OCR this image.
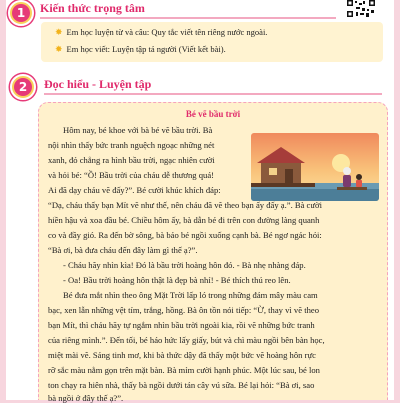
1	Kiến thức trọng tâm
✸ Em học luyện từ và câu: Quy tắc viết tên riêng nước ngoài.
✸ Em học viết: Luyện tập tả người (Viết kết bài).
2	Đọc hiểu - Luyện tập
Bé vẽ bầu trời
Hôm nay, bé khoe với bà bé vẽ bầu trời. Bà
nội nhìn thấy bức tranh nguệch ngoạc những nét
xanh, đỏ chẳng ra hình bầu trời, ngạc nhiên cười
và hỏi bé: “Ồ! Bầu trời của cháu dễ thương quá!
Ai đã dạy cháu vẽ đấy?”. Bé cười khúc khích đáp:
“Dạ, cháu thấy bạn Mít vẽ như thế, nên cháu đã vẽ theo bạn ấy đấy ạ.”. Bà cười
hiền hậu và xoa đầu bé. Chiều hôm ấy, bà dẫn bé đi trên con đường làng quanh
co và đầy gió. Ra đến bờ sông, bà bảo bé ngồi xuống cạnh bà. Bé ngơ ngác hỏi:
“Bà ơi, bà đưa cháu đến đây làm gì thế ạ?”.
- Cháu hãy nhìn kìa! Đó là bầu trời hoàng hôn đó. - Bà nhẹ nhàng đáp.
- Oa! Bầu trời hoàng hôn thật là đẹp bà nhỉ! - Bé thích thú reo lên.
Bé đưa mắt nhìn theo ông Mặt Trời lấp ló trong những đám mây màu cam
bạc, xen lẫn những vệt tím, trắng, hồng. Bà ôn tồn nói tiếp: “Ừ, thay vì vẽ theo
bạn Mít, thì cháu hãy tự ngắm nhìn bầu trời ngoài kia, rồi vẽ những bức tranh
của riêng mình.”. Đến tối, bé háo hức lấy giấy, bút và chì màu ngồi bên bàn học,
miệt mài vẽ. Sáng tinh mơ, khi bà thức dậy đã thấy một bức vẽ hoàng hôn rực
rỡ sắc màu nằm gọn trên mặt bàn. Bà mỉm cười hạnh phúc. Một lúc sau, bé lon
ton chạy ra hiên nhà, thấy bà ngồi dưới tán cây vú sữa. Bé lại hỏi: “Bà ơi, sao
bà ngồi ở đây thế ạ?”.
